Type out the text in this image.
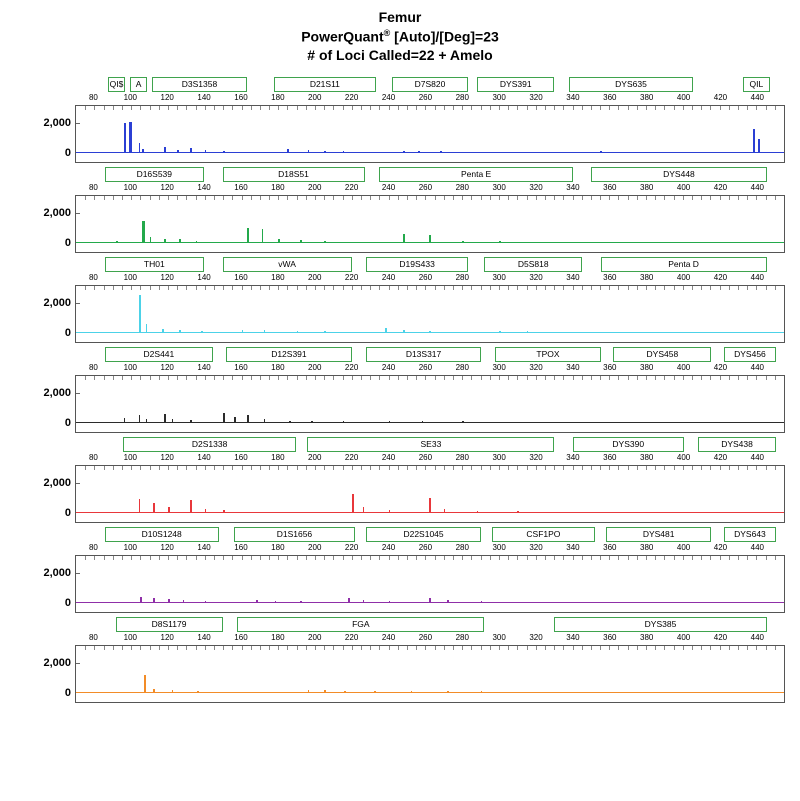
Femur
PowerQuant® [Auto]/[Deg]=23
# of Loci Called=22 + Amelo
QI$	A	D3S1358	D21S11	D7S820	DYS391	DYS635	QIL
80	100	120	140	160	180	200	220	240	260	280	300	320	340	360	380	400	420	440
2,000
0
D16S539	D18S51	Penta E	DYS448
80	100	120	140	160	180	200	220	240	260	280	300	320	340	360	380	400	420	440
2,000
0
TH01	vWA	D19S433	D5S818	Penta D
80	100	120	140	160	180	200	220	240	260	280	300	320	340	360	380	400	420	440
2,000
0
D2S441	D12S391	D13S317	TPOX	DYS458	DYS456
80	100	120	140	160	180	200	220	240	260	280	300	320	340	360	380	400	420	440
2,000
0
D2S1338	SE33	DYS390	DYS438
80	100	120	140	160	180	200	220	240	260	280	300	320	340	360	380	400	420	440
2,000
0
D10S1248	D1S1656	D22S1045	CSF1PO	DYS481	DYS643
80	100	120	140	160	180	200	220	240	260	280	300	320	340	360	380	400	420	440
2,000
0
D8S1179	FGA	DYS385
80	100	120	140	160	180	200	220	240	260	280	300	320	340	360	380	400	420	440
2,000
0
